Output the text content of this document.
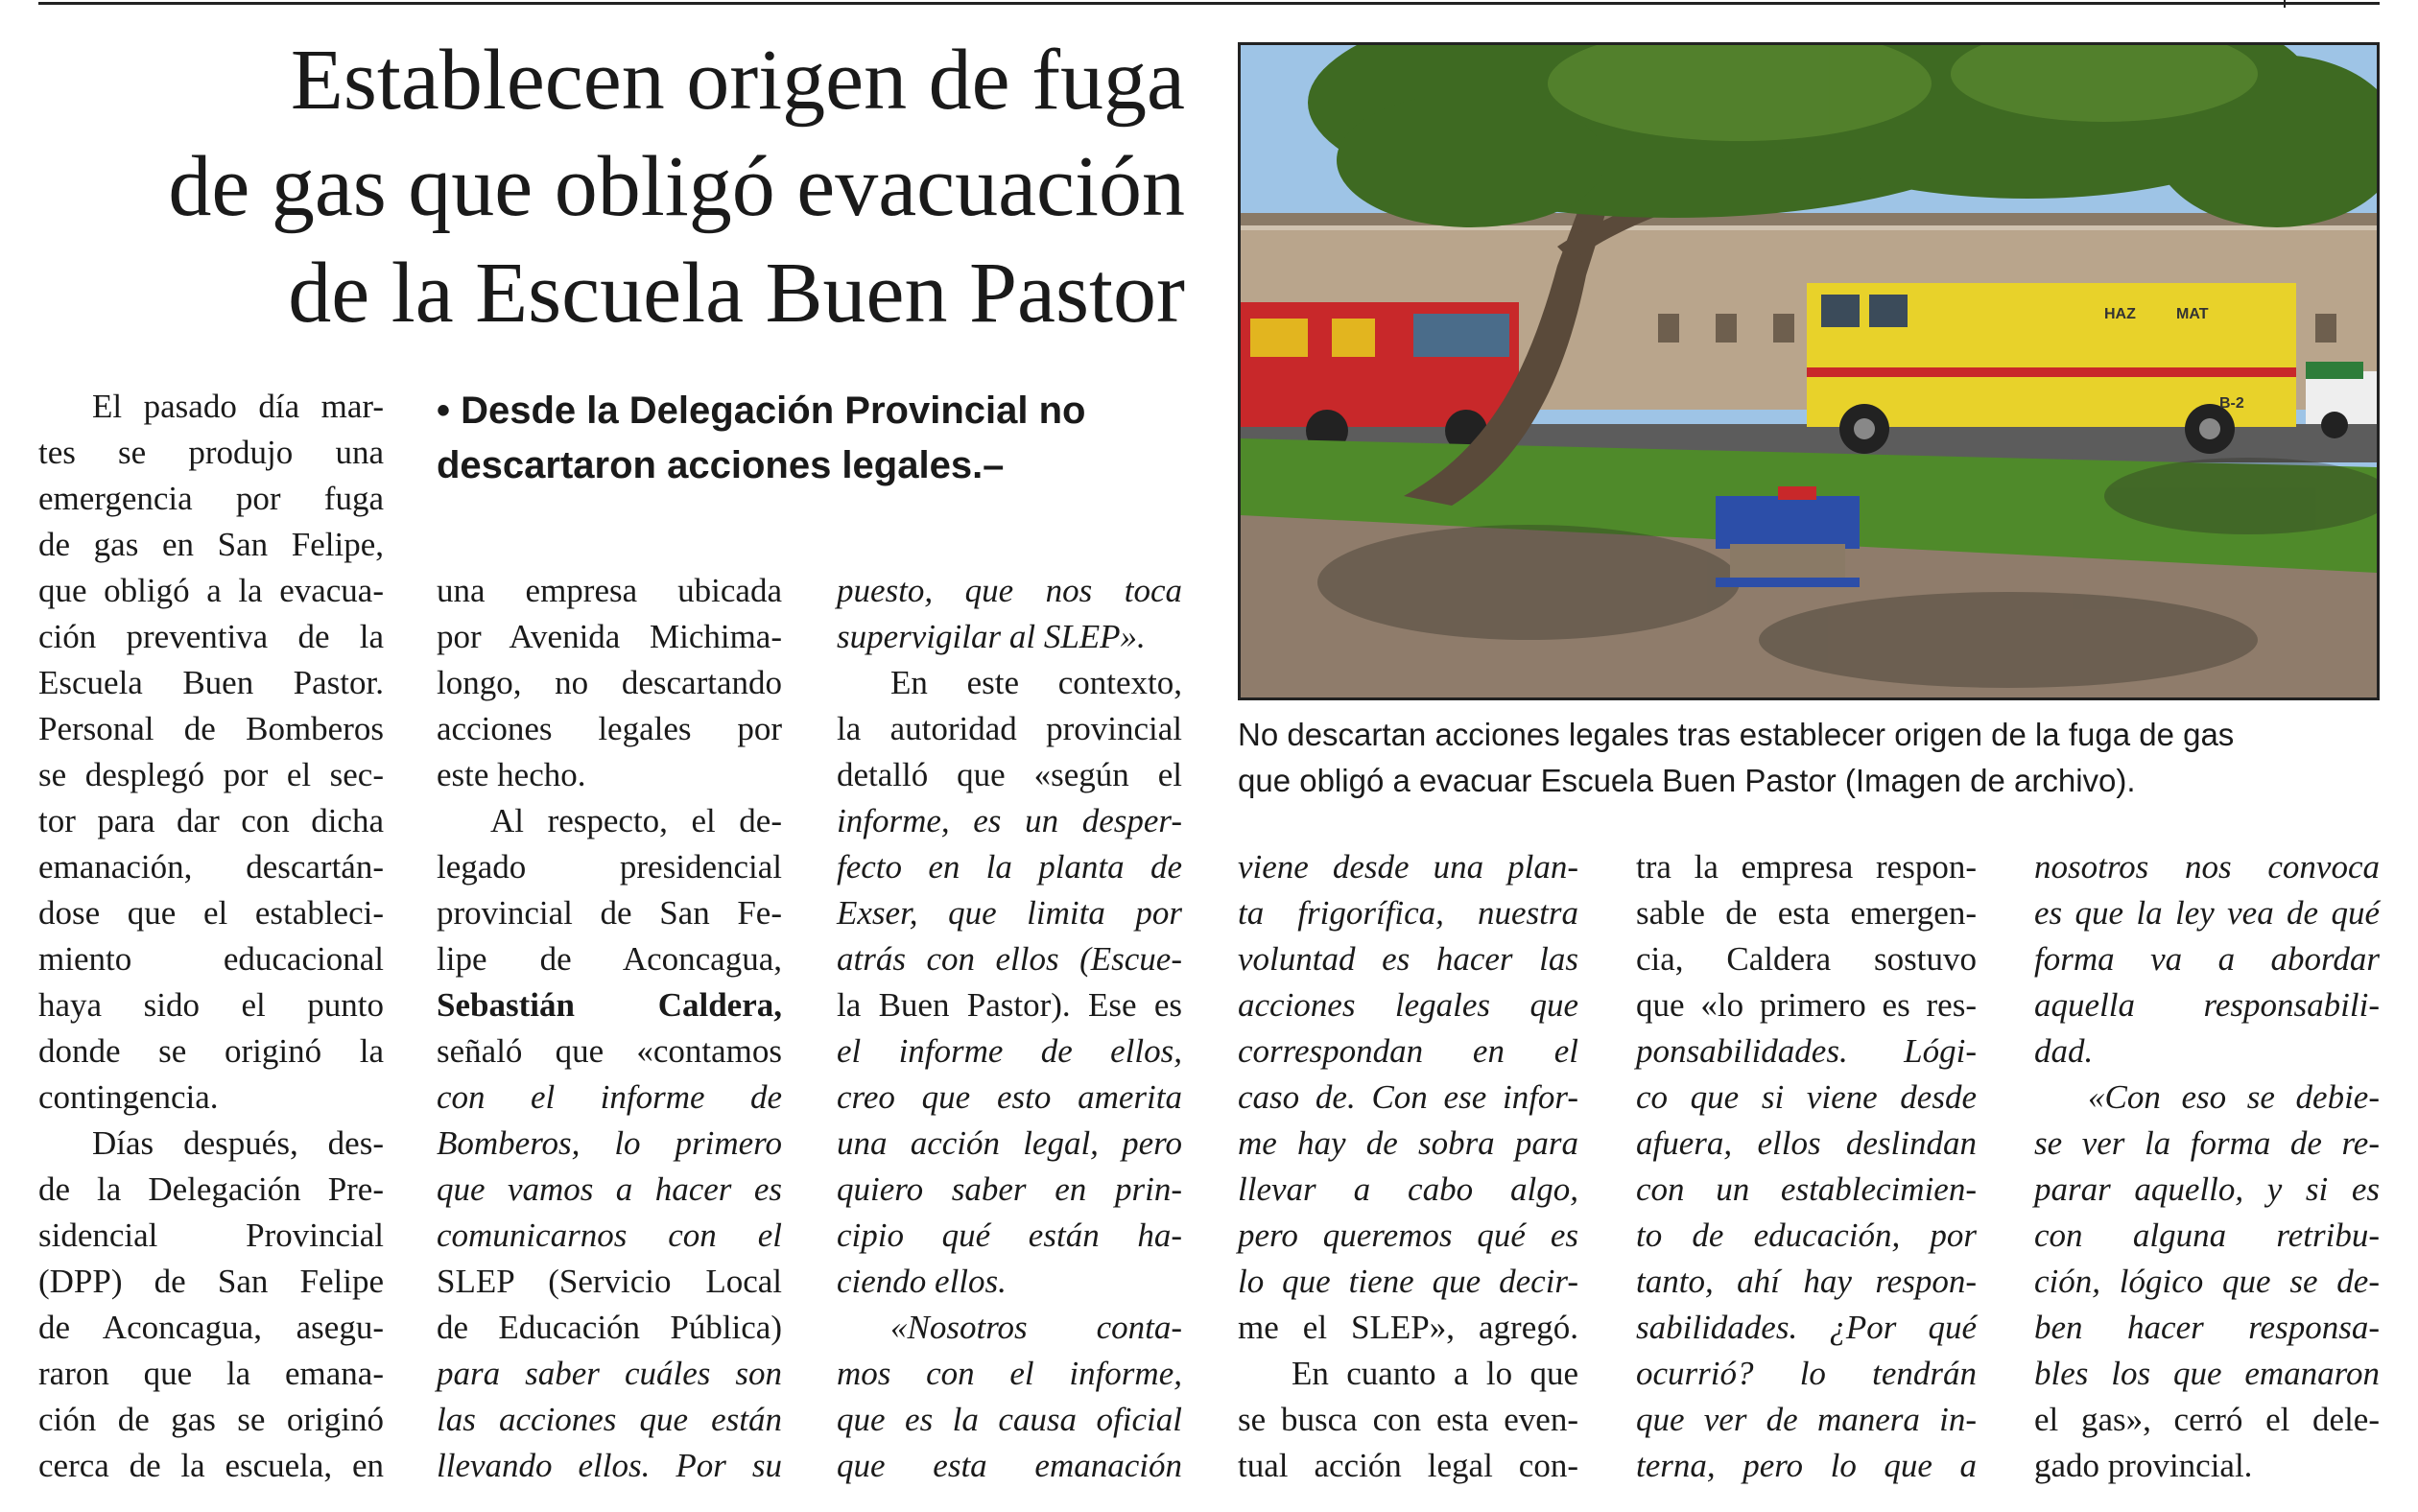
Establecen origen de fuga
de gas que obligó evacuación
de la Escuela Buen Pastor
• Desde la Delegación Provincial no
descartaron acciones legales.–
El pasado día mar-
tes se produjo una
emergencia por fuga
de gas en San Felipe,
que obligó a la evacua-
ción preventiva de la
Escuela Buen Pastor.
Personal de Bomberos
se desplegó por el sec-
tor para dar con dicha
emanación, descartán-
dose que el estableci-
miento educacional
haya sido el punto
donde se originó la
contingencia.
Días después, des-
de la Delegación Pre-
sidencial Provincial
(DPP) de San Felipe
de Aconcagua, asegu-
raron que la emana-
ción de gas se originó
cerca de la escuela, en
una empresa ubicada
por Avenida Michima-
longo, no descartando
acciones legales por
este hecho.
Al respecto, el de-
legado presidencial
provincial de San Fe-
lipe de Aconcagua,
Sebastián Caldera,
señaló que «contamos
con el informe de
Bomberos, lo primero
que vamos a hacer es
comunicarnos con el
SLEP (Servicio Local
de Educación Pública)
para saber cuáles son
las acciones que están
llevando ellos. Por su
puesto, que nos toca
supervigilar al SLEP».
En este contexto,
la autoridad provincial
detalló que «según el
informe, es un desper-
fecto en la planta de
Exser, que limita por
atrás con ellos (Escue-
la Buen Pastor). Ese es
el informe de ellos,
creo que esto amerita
una acción legal, pero
quiero saber en prin-
cipio qué están ha-
ciendo ellos.
«Nosotros conta-
mos con el informe,
que es la causa oficial
que esta emanación
viene desde una plan-
ta frigorífica, nuestra
voluntad es hacer las
acciones legales que
correspondan en el
caso de. Con ese infor-
me hay de sobra para
llevar a cabo algo,
pero queremos qué es
lo que tiene que decir-
me el SLEP», agregó.
En cuanto a lo que
se busca con esta even-
tual acción legal con-
tra la empresa respon-
sable de esta emergen-
cia, Caldera sostuvo
que «lo primero es res-
ponsabilidades. Lógi-
co que si viene desde
afuera, ellos deslindan
con un establecimien-
to de educación, por
tanto, ahí hay respon-
sabilidades. ¿Por qué
ocurrió? lo tendrán
que ver de manera in-
terna, pero lo que a
nosotros nos convoca
es que la ley vea de qué
forma va a abordar
aquella responsabili-
dad.
«Con eso se debie-
se ver la forma de re-
parar aquello, y si es
con alguna retribu-
ción, lógico que se de-
ben hacer responsa-
bles los que emanaron
el gas», cerró el dele-
gado provincial.
HAZ	MAT
B-2
No descartan acciones legales tras establecer origen de la fuga de gas
que obligó a evacuar Escuela Buen Pastor (Imagen de archivo).
